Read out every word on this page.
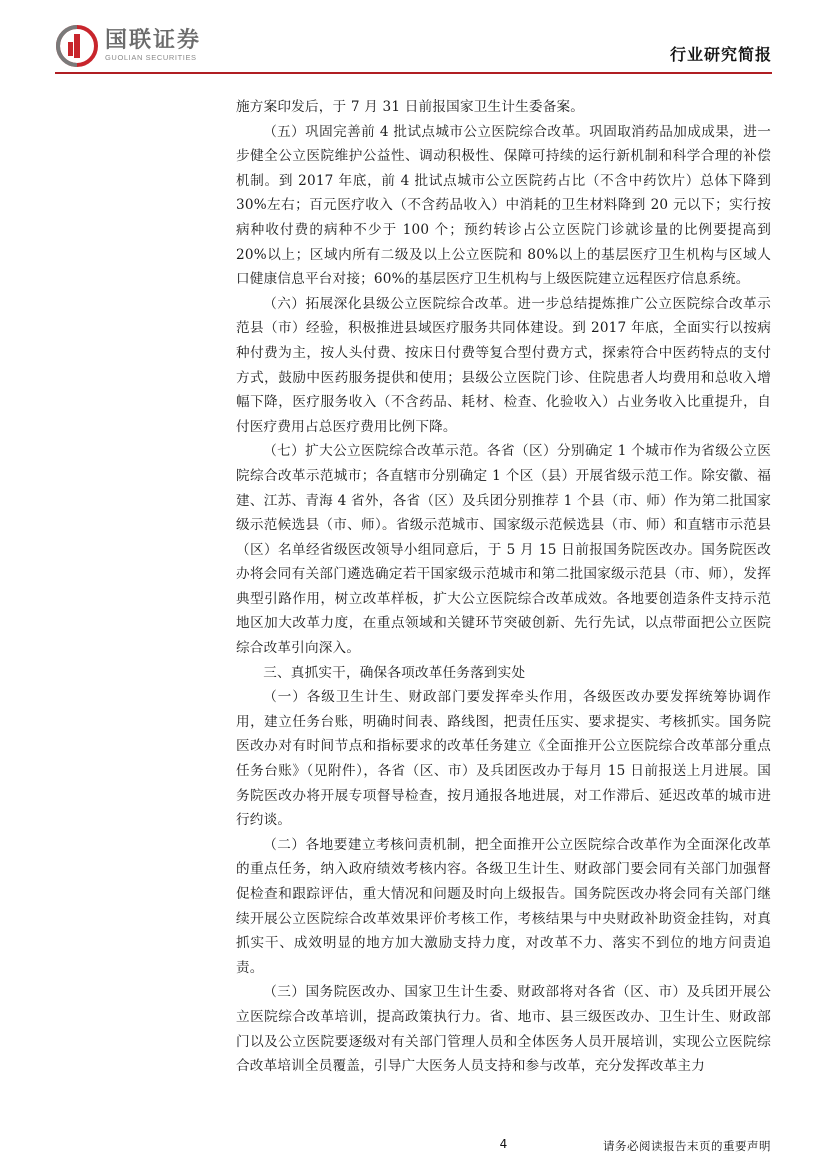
国联证券
GUOLIAN SECURITIES	行业研究简报

施方案印发后，于 7 月 31 日前报国家卫生计生委备案。

（五）巩固完善前 4 批试点城市公立医院综合改革。巩固取消药品加成成果，进一步健全公立医院维护公益性、调动积极性、保障可持续的运行新机制和科学合理的补偿机制。到 2017 年底，前 4 批试点城市公立医院药占比（不含中药饮片）总体下降到 30%左右；百元医疗收入（不含药品收入）中消耗的卫生材料降到 20 元以下；实行按病种收付费的病种不少于 100 个；预约转诊占公立医院门诊就诊量的比例要提高到 20%以上；区域内所有二级及以上公立医院和 80%以上的基层医疗卫生机构与区域人口健康信息平台对接；60%的基层医疗卫生机构与上级医院建立远程医疗信息系统。

（六）拓展深化县级公立医院综合改革。进一步总结提炼推广公立医院综合改革示范县（市）经验，积极推进县域医疗服务共同体建设。到 2017 年底，全面实行以按病种付费为主，按人头付费、按床日付费等复合型付费方式，探索符合中医药特点的支付方式，鼓励中医药服务提供和使用；县级公立医院门诊、住院患者人均费用和总收入增幅下降，医疗服务收入（不含药品、耗材、检查、化验收入）占业务收入比重提升，自付医疗费用占总医疗费用比例下降。

（七）扩大公立医院综合改革示范。各省（区）分别确定 1 个城市作为省级公立医院综合改革示范城市；各直辖市分别确定 1 个区（县）开展省级示范工作。除安徽、福建、江苏、青海 4 省外，各省（区）及兵团分别推荐 1 个县（市、师）作为第二批国家级示范候选县（市、师）。省级示范城市、国家级示范候选县（市、师）和直辖市示范县（区）名单经省级医改领导小组同意后，于 5 月 15 日前报国务院医改办。国务院医改办将会同有关部门遴选确定若干国家级示范城市和第二批国家级示范县（市、师），发挥典型引路作用，树立改革样板，扩大公立医院综合改革成效。各地要创造条件支持示范地区加大改革力度，在重点领域和关键环节突破创新、先行先试，以点带面把公立医院综合改革引向深入。

三、真抓实干，确保各项改革任务落到实处

（一）各级卫生计生、财政部门要发挥牵头作用，各级医改办要发挥统筹协调作用，建立任务台账，明确时间表、路线图，把责任压实、要求提实、考核抓实。国务院医改办对有时间节点和指标要求的改革任务建立《全面推开公立医院综合改革部分重点任务台账》（见附件），各省（区、市）及兵团医改办于每月 15 日前报送上月进展。国务院医改办将开展专项督导检查，按月通报各地进展，对工作滞后、延迟改革的城市进行约谈。

（二）各地要建立考核问责机制，把全面推开公立医院综合改革作为全面深化改革的重点任务，纳入政府绩效考核内容。各级卫生计生、财政部门要会同有关部门加强督促检查和跟踪评估，重大情况和问题及时向上级报告。国务院医改办将会同有关部门继续开展公立医院综合改革效果评价考核工作，考核结果与中央财政补助资金挂钩，对真抓实干、成效明显的地方加大激励支持力度，对改革不力、落实不到位的地方问责追责。

（三）国务院医改办、国家卫生计生委、财政部将对各省（区、市）及兵团开展公立医院综合改革培训，提高政策执行力。省、地市、县三级医改办、卫生计生、财政部门以及公立医院要逐级对有关部门管理人员和全体医务人员开展培训，实现公立医院综合改革培训全员覆盖，引导广大医务人员支持和参与改革，充分发挥改革主力

4	请务必阅读报告末页的重要声明
